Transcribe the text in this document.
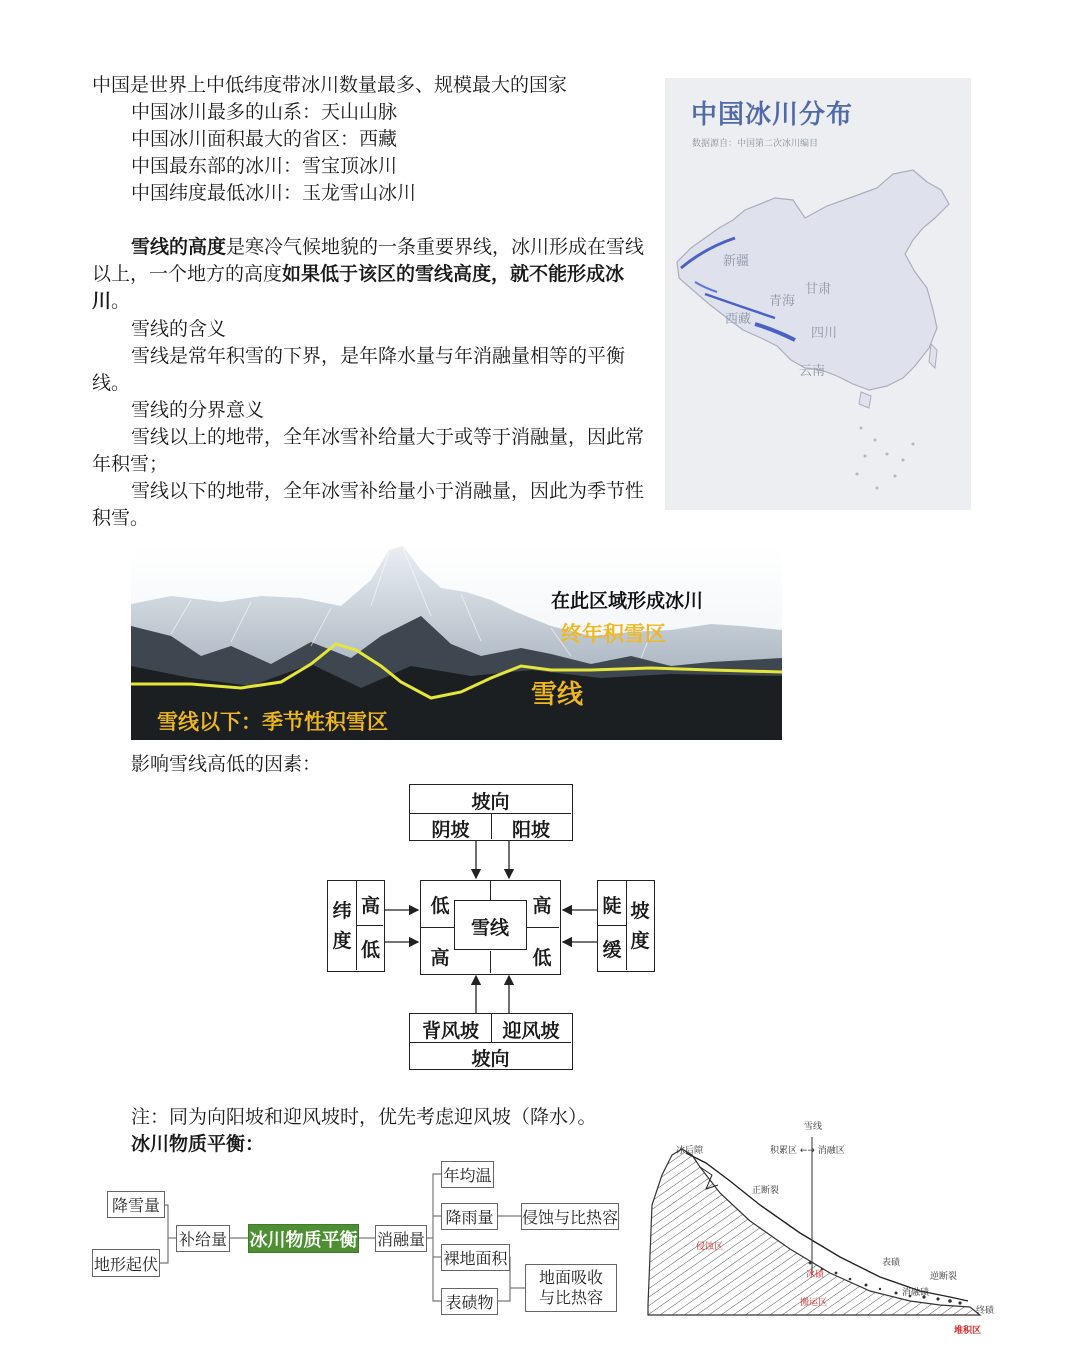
中国是世界上中低纬度带冰川数量最多、规模最大的国家
中国冰川最多的山系：天山山脉
中国冰川面积最大的省区：西藏
中国最东部的冰川：雪宝顶冰川
中国纬度最低冰川：玉龙雪山冰川
雪线的高度是寒冷气候地貌的一条重要界线，冰川形成在雪线以上，一个地方的高度如果低于该区的雪线高度，就不能形成冰川。
雪线的含义
雪线是常年积雪的下界，是年降水量与年消融量相等的平衡线。
雪线的分界意义
雪线以上的地带，全年冰雪补给量大于或等于消融量，因此常年积雪；
雪线以下的地带，全年冰雪补给量小于消融量，因此为季节性积雪。
中国冰川分布
数据源自：中国第二次冰川编目
新疆
青海
甘肃
西藏
四川
云南
在此区域形成冰川
终年积雪区
雪线
雪线以下：季节性积雪区
影响雪线高低的因素：
坡向
阴坡	阳坡
纬度
高
低
陡
缓
坡度
低	高
高	低
雪线
背风坡	迎风坡
坡向
注：同为向阳坡和迎风坡时，优先考虑迎风坡（降水）。
冰川物质平衡：
降雪量
地形起伏
补给量 冰川物质平衡 消融量
年均温
降雨量
裸地面积
表碛物
侵蚀与比热容
地面吸收与比热容
雪线
积累区 ←→ 消融区
冰后隙
正断裂
侵蚀区
表碛
冰碛
搬运区
消融碛
逆断裂
终碛
堆积区
